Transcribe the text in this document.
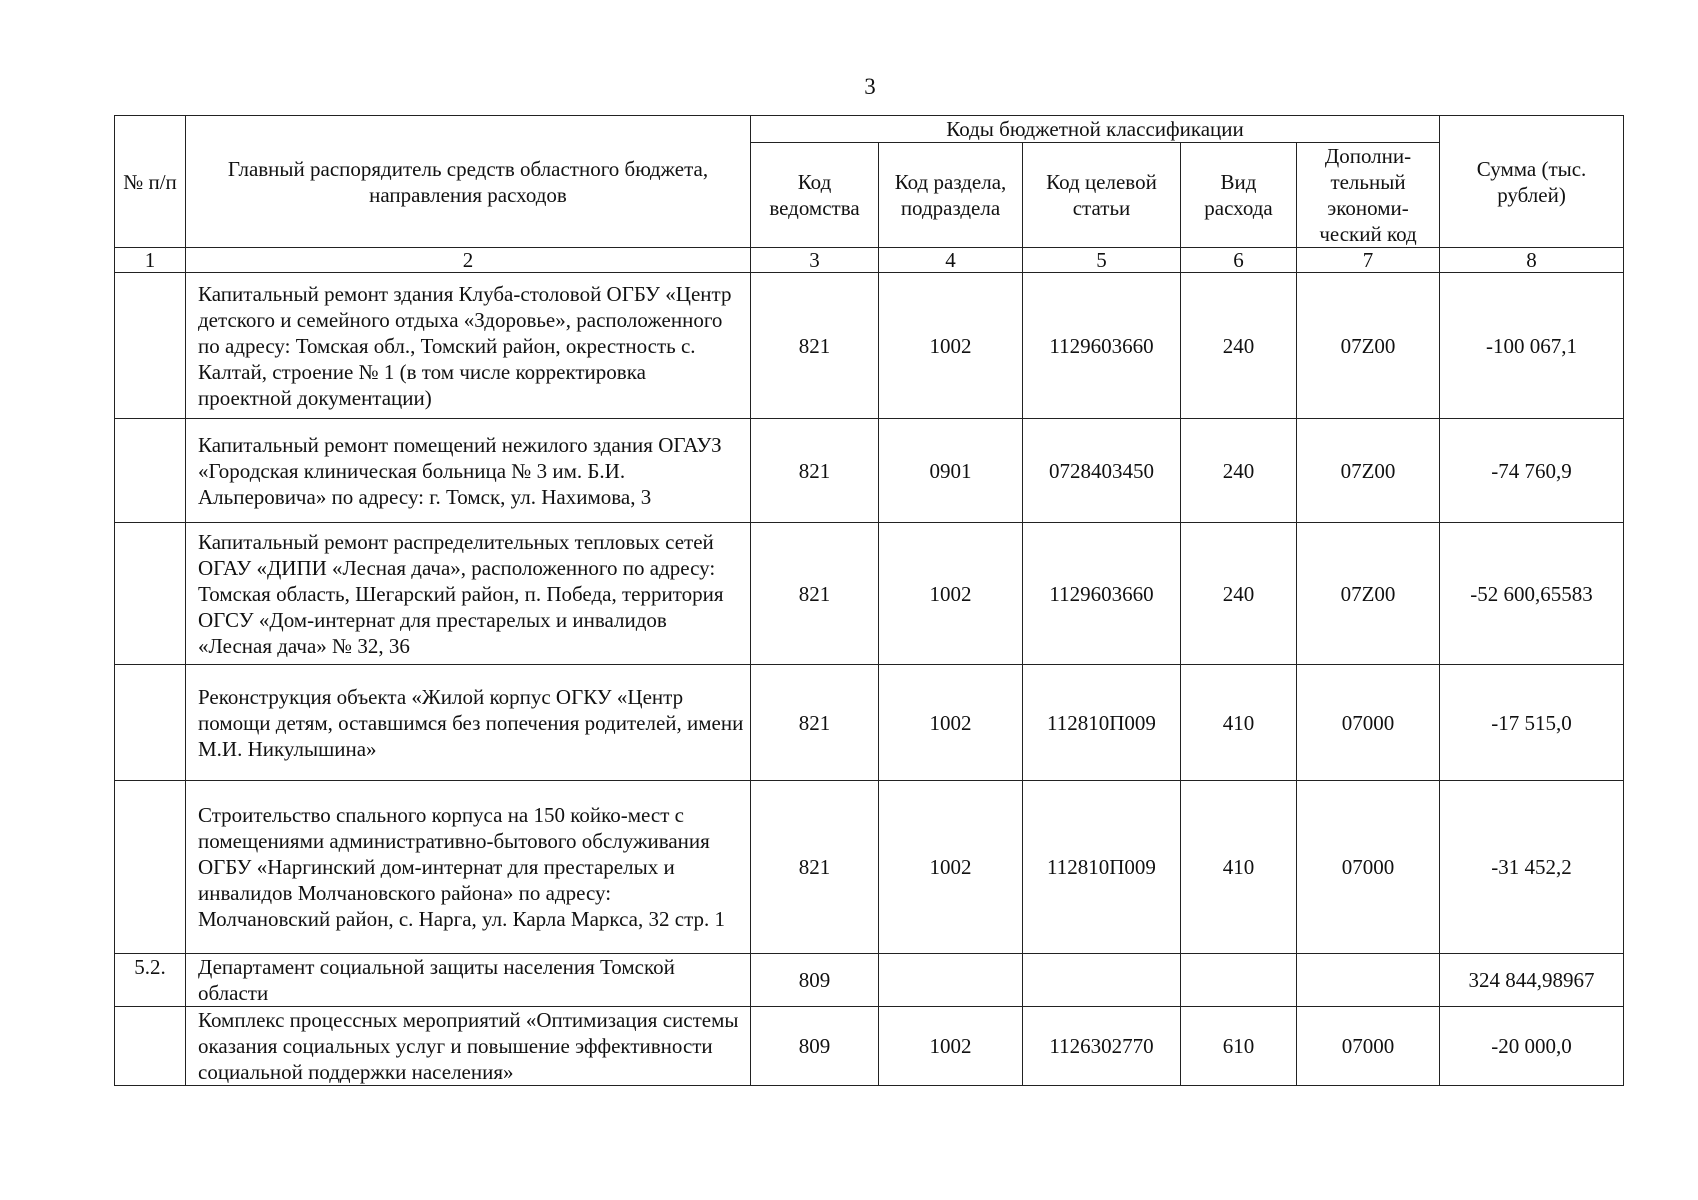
3
№ п/п	Главный распорядитель средств областного бюджета, направления расходов	Коды бюджетной классификации					Сумма (тыс. рублей)
		Код ведомства	Код раздела, подраздела	Код целевой статьи	Вид расхода	Дополни-тельный экономи-ческий код	
1	2	3	4	5	6	7	8
	Капитальный ремонт здания Клуба-столовой ОГБУ «Центр детского и семейного отдыха «Здоровье», расположенного по адресу: Томская обл., Томский район, окрестность с. Калтай, строение № 1 (в том числе корректировка проектной документации)	821	1002	1129603660	240	07Z00	-100 067,1
	Капитальный ремонт помещений нежилого здания ОГАУЗ «Городская клиническая больница № 3 им. Б.И. Альперовича» по адресу: г. Томск, ул. Нахимова, 3	821	0901	0728403450	240	07Z00	-74 760,9
	Капитальный ремонт распределительных тепловых сетей ОГАУ «ДИПИ «Лесная дача», расположенного по адресу: Томская область, Шегарский район, п. Победа, территория ОГСУ «Дом-интернат для престарелых и инвалидов «Лесная дача» № 32, 36	821	1002	1129603660	240	07Z00	-52 600,65583
	Реконструкция объекта «Жилой корпус ОГКУ «Центр помощи детям, оставшимся без попечения родителей, имени М.И. Никулышина»	821	1002	112810П009	410	07000	-17 515,0
	Строительство спального корпуса на 150 койко-мест с помещениями административно-бытового обслуживания ОГБУ «Наргинский дом-интернат для престарелых и инвалидов Молчановского района» по адресу: Молчановский район, с. Нарга, ул. Карла Маркса, 32 стр. 1	821	1002	112810П009	410	07000	-31 452,2
5.2.	Департамент социальной защиты населения Томской области	809					324 844,98967
	Комплекс процессных мероприятий «Оптимизация системы оказания социальных услуг и повышение эффективности социальной поддержки населения»	809	1002	1126302770	610	07000	-20 000,0
